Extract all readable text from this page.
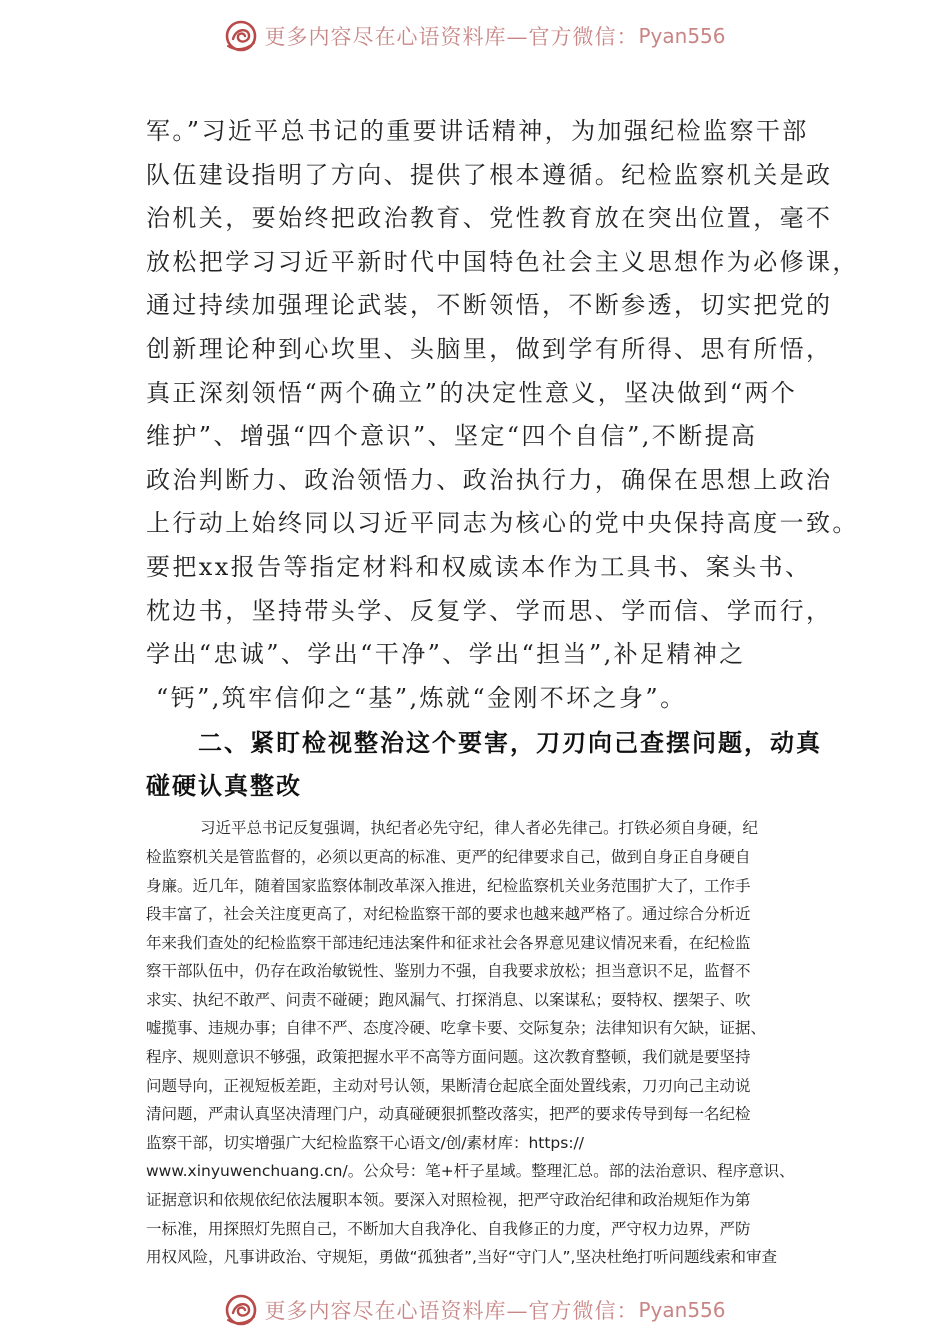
更多内容尽在心语资料库—官方微信： Pyan556
军。”习近平总书记的重要讲话精神，为加强纪检监察干部
队伍建设指明了方向、提供了根本遵循。纪检监察机关是政
治机关，要始终把政治教育、党性教育放在突出位置，毫不
放松把学习习近平新时代中国特色社会主义思想作为必修课，
通过持续加强理论武装，不断领悟，不断参透，切实把党的
创新理论种到心坎里、头脑里，做到学有所得、思有所悟，
真正深刻领悟“两个确立”的决定性意义，坚决做到“两个
维护”、增强“四个意识”、坚定“四个自信”,不断提高
政治判断力、政治领悟力、政治执行力，确保在思想上政治
上行动上始终同以习近平同志为核心的党中央保持高度一致。
要把xx报告等指定材料和权威读本作为工具书、案头书、
枕边书，坚持带头学、反复学、学而思、学而信、学而行，
学出“忠诚”、学出“干净”、学出“担当”,补足精神之
“钙”,筑牢信仰之“基”,炼就“金刚不坏之身”。
二、紧盯检视整治这个要害，刀刃向己查摆问题，动真
碰硬认真整改
习近平总书记反复强调，执纪者必先守纪，律人者必先律己。打铁必须自身硬，纪
检监察机关是管监督的，必须以更高的标准、更严的纪律要求自己，做到自身正自身硬自
身廉。近几年，随着国家监察体制改革深入推进，纪检监察机关业务范围扩大了，工作手
段丰富了，社会关注度更高了，对纪检监察干部的要求也越来越严格了。通过综合分析近
年来我们查处的纪检监察干部违纪违法案件和征求社会各界意见建议情况来看，在纪检监
察干部队伍中，仍存在政治敏锐性、鉴别力不强，自我要求放松；担当意识不足，监督不
求实、执纪不敢严、问责不碰硬；跑风漏气、打探消息、以案谋私；耍特权、摆架子、吹
嘘揽事、违规办事；自律不严、态度冷硬、吃拿卡要、交际复杂；法律知识有欠缺，证据、
程序、规则意识不够强，政策把握水平不高等方面问题。这次教育整顿，我们就是要坚持
问题导向，正视短板差距，主动对号认领，果断清仓起底全面处置线索，刀刃向己主动说
清问题，严肃认真坚决清理门户，动真碰硬狠抓整改落实，把严的要求传导到每一名纪检
监察干部，切实增强广大纪检监察干心语文/创/素材库：https://
www.xinyuwenchuang.cn/。公众号：笔+杆子星域。整理汇总。部的法治意识、程序意识、
证据意识和依规依纪依法履职本领。要深入对照检视，把严守政治纪律和政治规矩作为第
一标准，用探照灯先照自己，不断加大自我净化、自我修正的力度，严守权力边界，严防
用权风险，凡事讲政治、守规矩，勇做“孤独者”,当好“守门人”,坚决杜绝打听问题线索和审查
更多内容尽在心语资料库—官方微信： Pyan556
